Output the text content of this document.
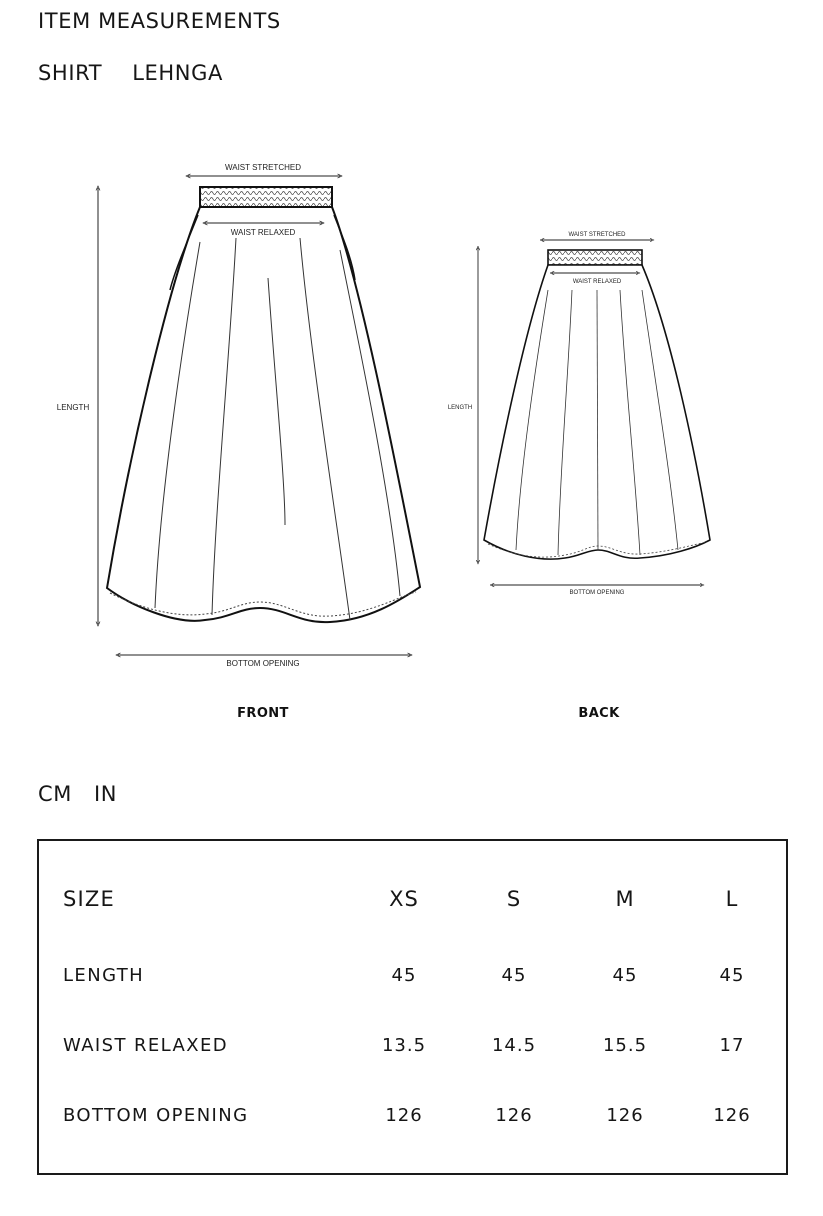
ITEM MEASUREMENTS
SHIRT LEHNGA
WAIST STRETCHED
WAIST RELAXED
LENGTH
BOTTOM OPENING
WAIST STRETCHED
WAIST RELAXED
LENGTH
BOTTOM OPENING
FRONT	BACK
CM IN
SIZE	XS	S	M	L
LENGTH	45	45	45	45
WAIST RELAXED	13.5	14.5	15.5	17
BOTTOM OPENING	126	126	126	126
